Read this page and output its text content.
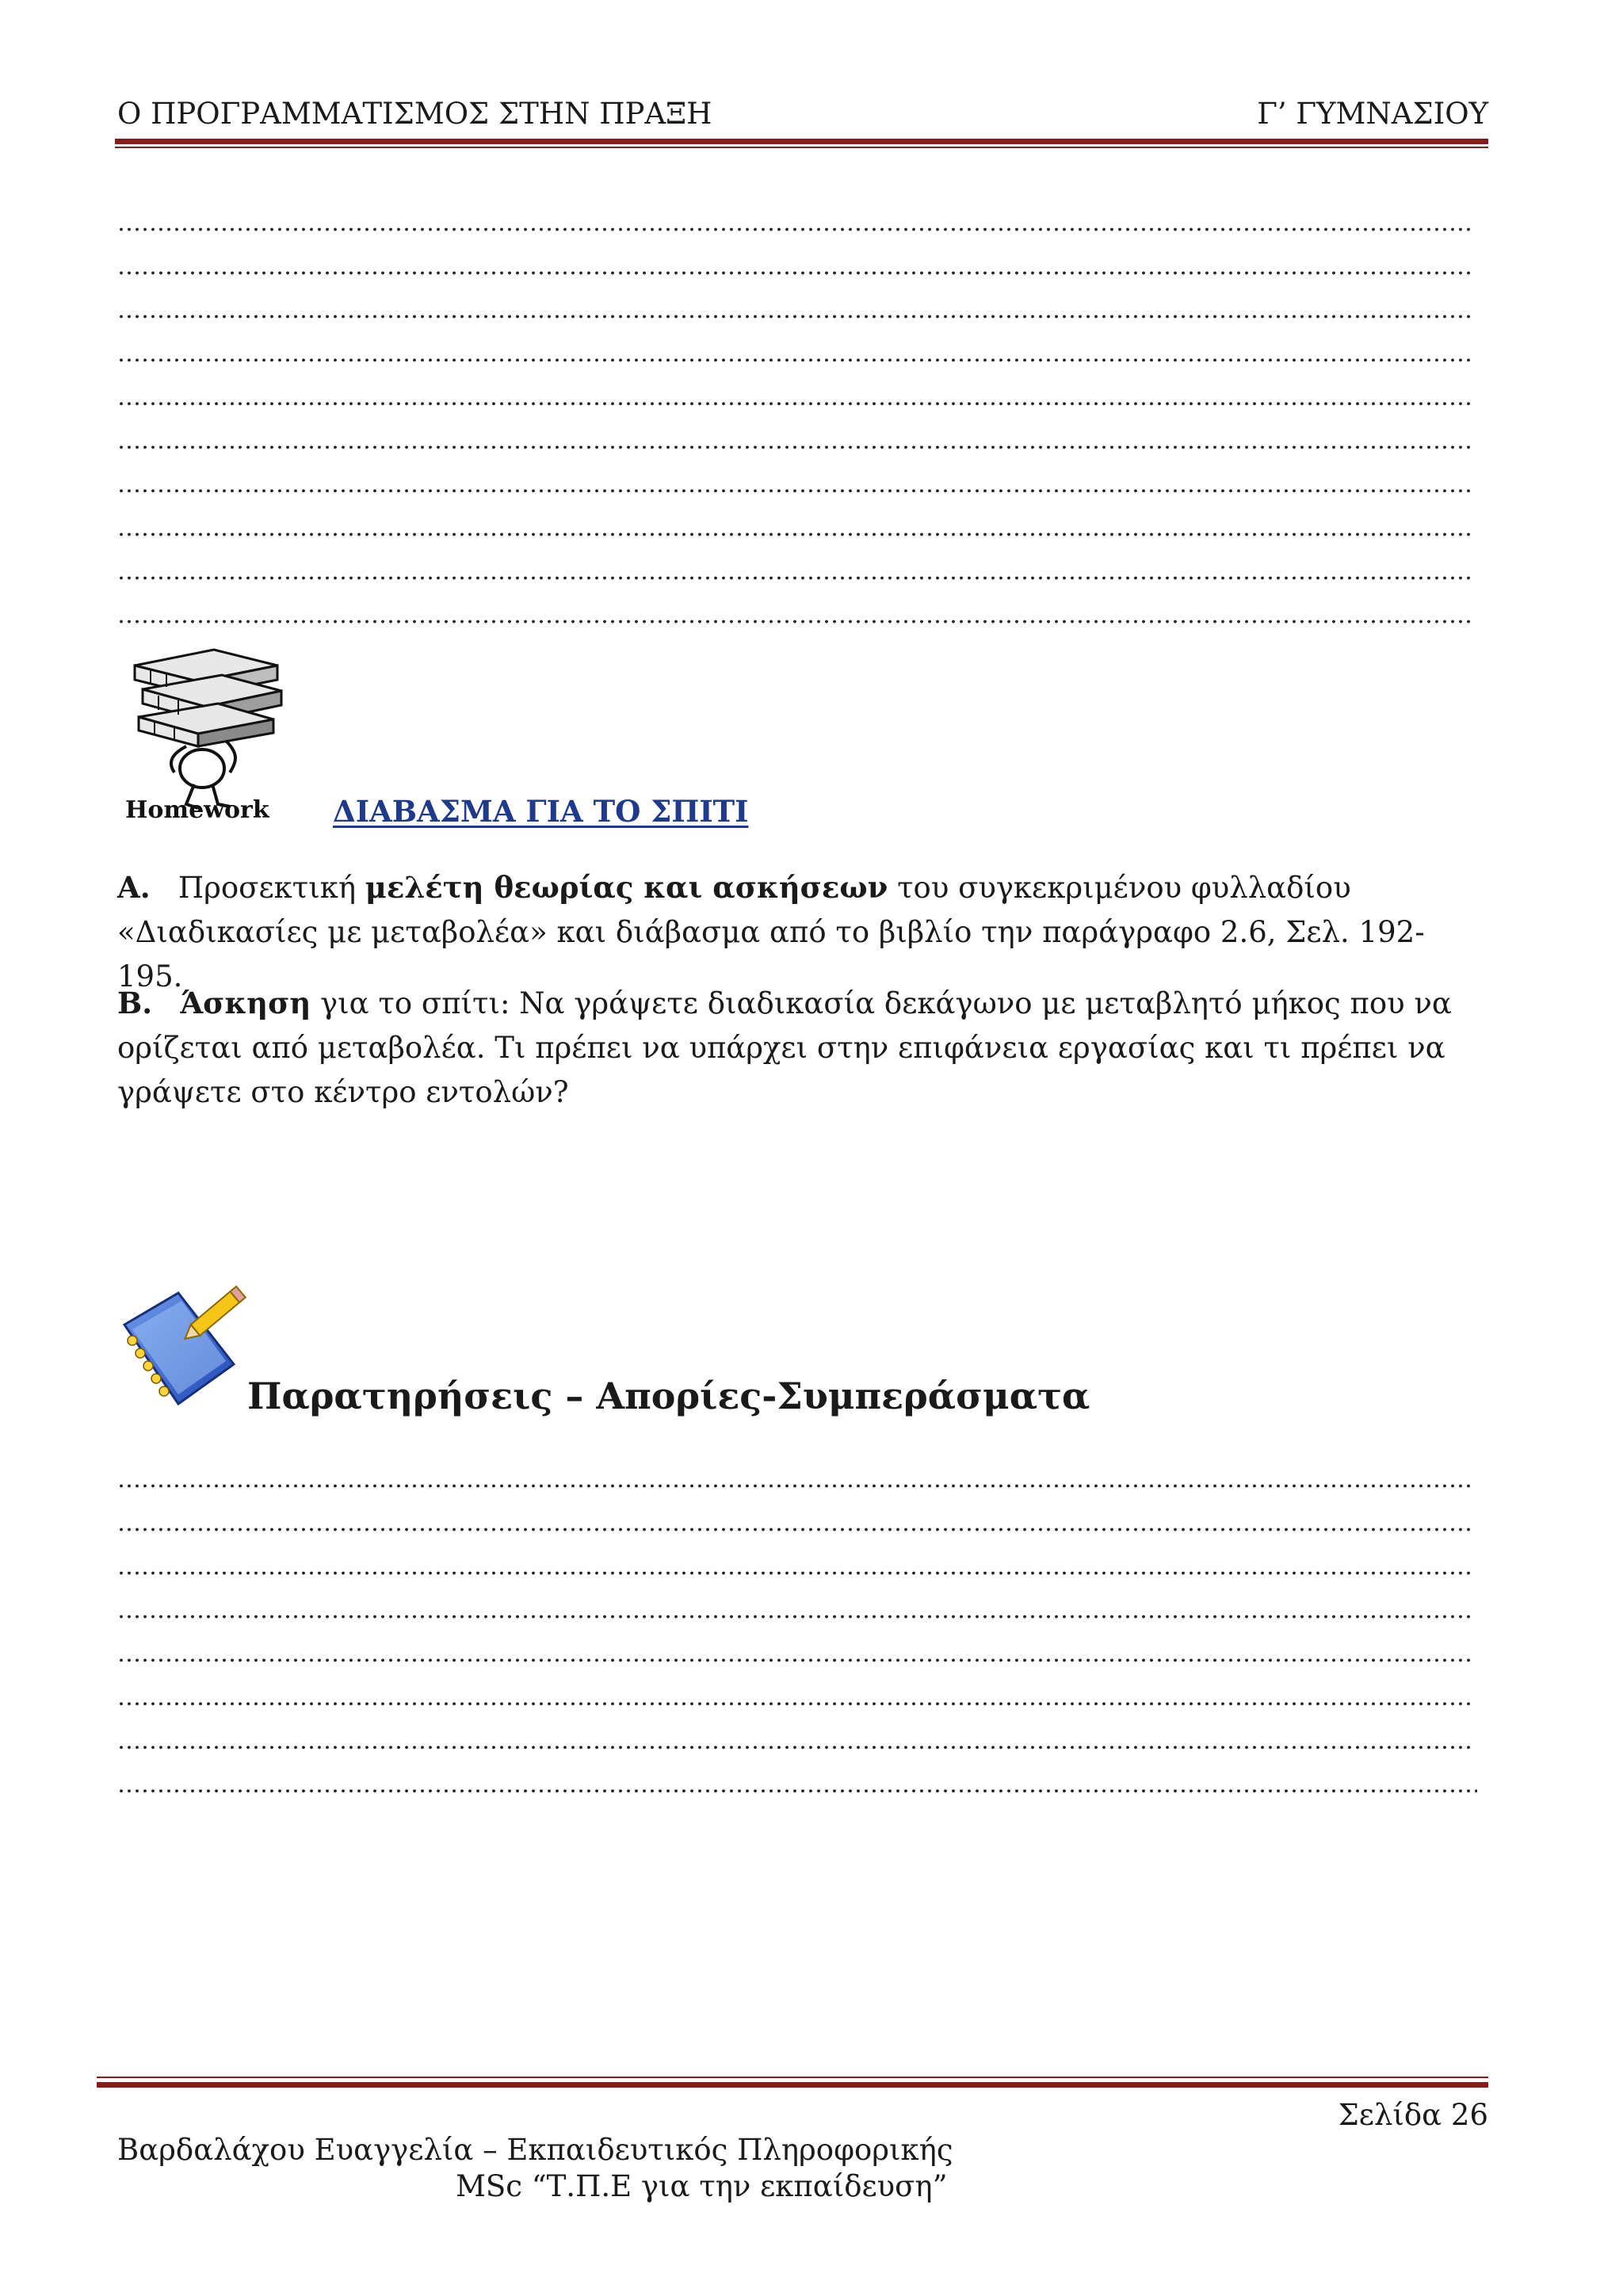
Ο ΠΡΟΓΡΑΜΜΑΤΙΣΜΟΣ ΣΤΗΝ ΠΡΑΞΗ	Γ’ ΓΥΜΝΑΣΙΟΥ
…………………………………………………………………………………………………………………………………………………………………………………………………………………………………………………………………………………
…………………………………………………………………………………………………………………………………………………………………………………………………………………………………………………………………………………
…………………………………………………………………………………………………………………………………………………………………………………………………………………………………………………………………………………
…………………………………………………………………………………………………………………………………………………………………………………………………………………………………………………………………………………
…………………………………………………………………………………………………………………………………………………………………………………………………………………………………………………………………………………
…………………………………………………………………………………………………………………………………………………………………………………………………………………………………………………………………………………
…………………………………………………………………………………………………………………………………………………………………………………………………………………………………………………………………………………
…………………………………………………………………………………………………………………………………………………………………………………………………………………………………………………………………………………
…………………………………………………………………………………………………………………………………………………………………………………………………………………………………………………………………………………
…………………………………………………………………………………………………………………………………………………………………………………………………………………………………………………………………………………
Homework ΔΙΑΒΑΣΜΑ ΓΙΑ ΤΟ ΣΠΙΤΙ
Α. Προσεκτική μελέτη θεωρίας και ασκήσεων του συγκεκριμένου φυλλαδίου «Διαδικασίες με μεταβολέα» και διάβασμα από το βιβλίο την παράγραφο 2.6, Σελ. 192-195.
Β. Άσκηση για το σπίτι: Να γράψετε διαδικασία δεκάγωνο με μεταβλητό μήκος που να ορίζεται από μεταβολέα. Τι πρέπει να υπάρχει στην επιφάνεια εργασίας και τι πρέπει να γράψετε στο κέντρο εντολών?
Παρατηρήσεις – Απορίες-Συμπεράσματα
…………………………………………………………………………………………………………………………………………………………………………………………………………………………………………………………………………………
…………………………………………………………………………………………………………………………………………………………………………………………………………………………………………………………………………………
…………………………………………………………………………………………………………………………………………………………………………………………………………………………………………………………………………………
…………………………………………………………………………………………………………………………………………………………………………………………………………………………………………………………………………………
…………………………………………………………………………………………………………………………………………………………………………………………………………………………………………………………………………………
…………………………………………………………………………………………………………………………………………………………………………………………………………………………………………………………………………………
…………………………………………………………………………………………………………………………………………………………………………………………………………………………………………………………………………………
…………………………………………………………………………………………………………………………………………………………………………………………………………………………………………………………………………………
Σελίδα 26
Βαρδαλάχου Ευαγγελία – Εκπαιδευτικός Πληροφορικής
MSc “Τ.Π.Ε για την εκπαίδευση”
